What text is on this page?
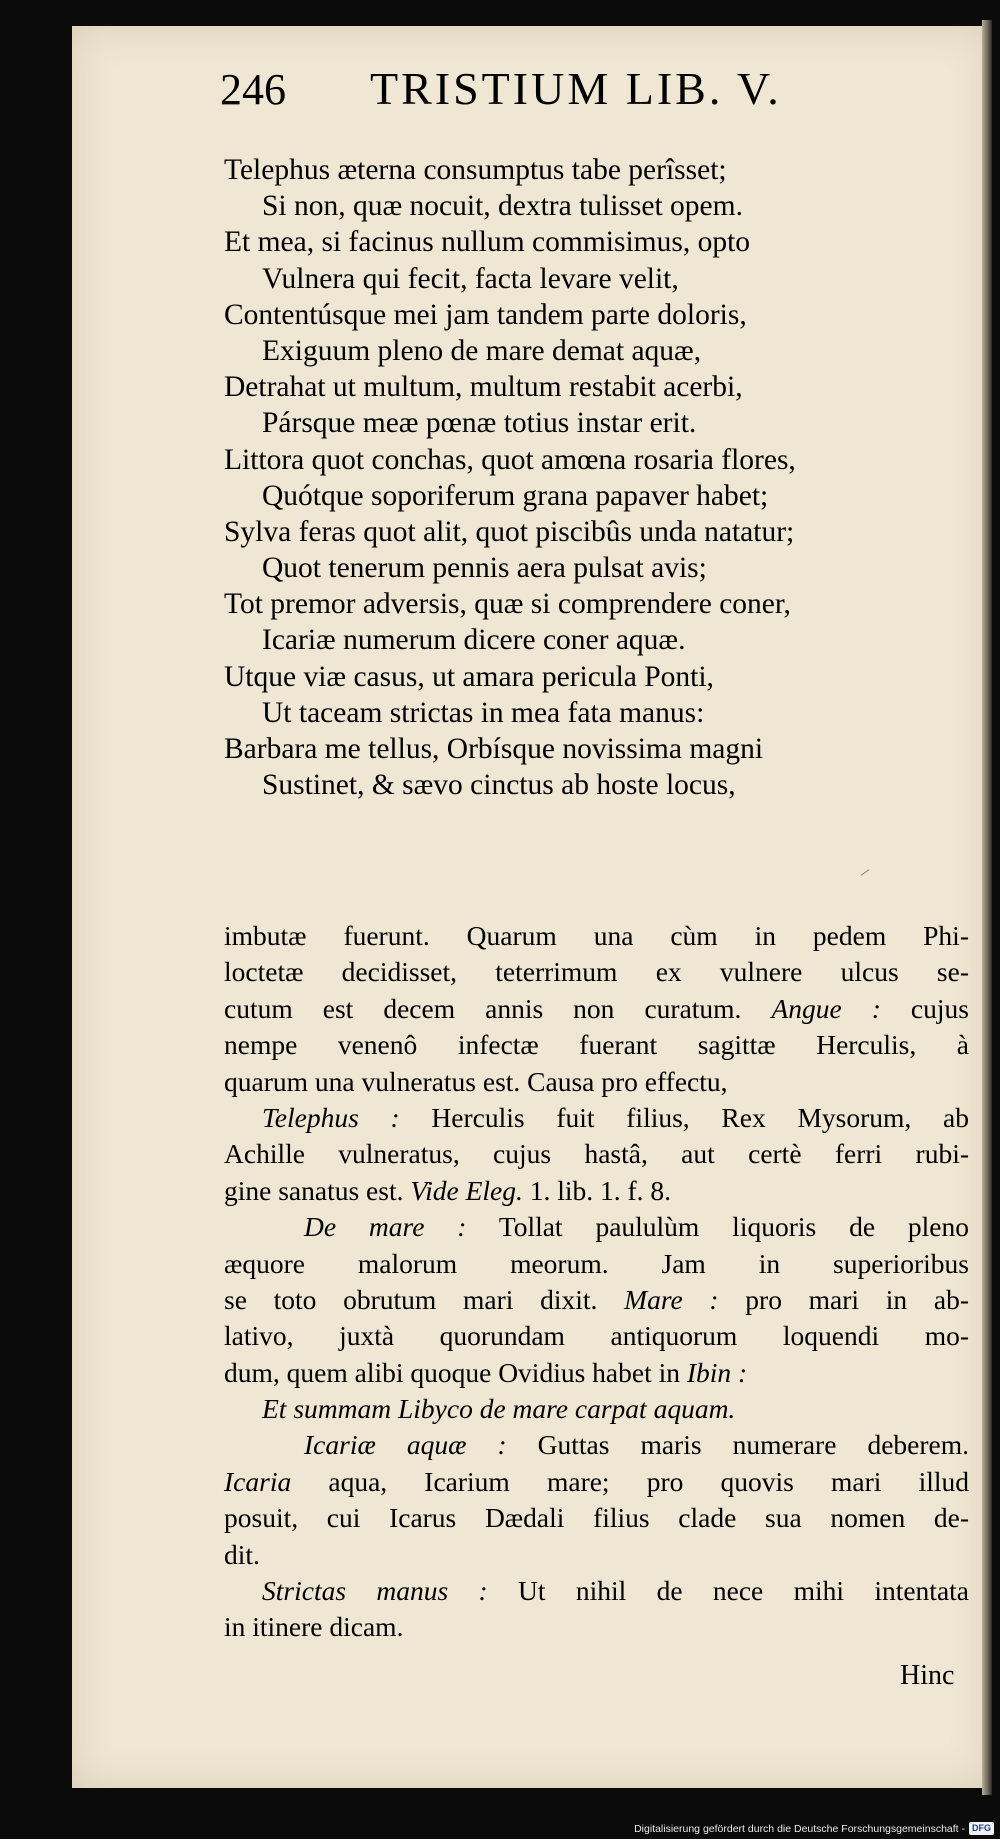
246 TRISTIUM LIB. V.
Telephus æterna consumptus tabe perîsset;
Si non, quæ nocuit, dextra tulisset opem.
Et mea, si facinus nullum commisimus, opto
Vulnera qui fecit, facta levare velit,
Contentúsque mei jam tandem parte doloris,
Exiguum pleno de mare demat aquæ,
Detrahat ut multum, multum restabit acerbi,
Pársque meæ pœnæ totius instar erit.
Littora quot conchas, quot amœna rosaria flores,
Quótque soporiferum grana papaver habet;
Sylva feras quot alit, quot piscibûs unda natatur;
Quot tenerum pennis aera pulsat avis;
Tot premor adversis, quæ si comprendere coner,
Icariæ numerum dicere coner aquæ.
Utque viæ casus, ut amara pericula Ponti,
Ut taceam strictas in mea fata manus:
Barbara me tellus, Orbísque novissima magni
Sustinet, & sævo cinctus ab hoste locus,
imbutæ fuerunt. Quarum una cùm in pedem Phi-
loctetæ decidisset, teterrimum ex vulnere ulcus se-
cutum est decem annis non curatum. Angue : cujus
nempe venenô infectæ fuerant sagittæ Herculis, à
quarum una vulneratus est. Causa pro effectu,
Telephus : Herculis fuit filius, Rex Mysorum, ab
Achille vulneratus, cujus hastâ, aut certè ferri rubi-
gine sanatus est. Vide Eleg. 1. lib. 1. f. 8.
De mare : Tollat paululùm liquoris de pleno
æquore malorum meorum. Jam in superioribus
se toto obrutum mari dixit. Mare : pro mari in ab-
lativo, juxtà quorundam antiquorum loquendi mo-
dum, quem alibi quoque Ovidius habet in Ibin :
Et summam Libyco de mare carpat aquam.
Icariæ aquæ : Guttas maris numerare deberem.
Icaria aqua, Icarium mare; pro quovis mari illud
posuit, cui Icarus Dædali filius clade sua nomen de-
dit.
Strictas manus : Ut nihil de nece mihi intentata
in itinere dicam.
Hinc
Digitalisierung gefördert durch die Deutsche Forschungsgemeinschaft - DFG
